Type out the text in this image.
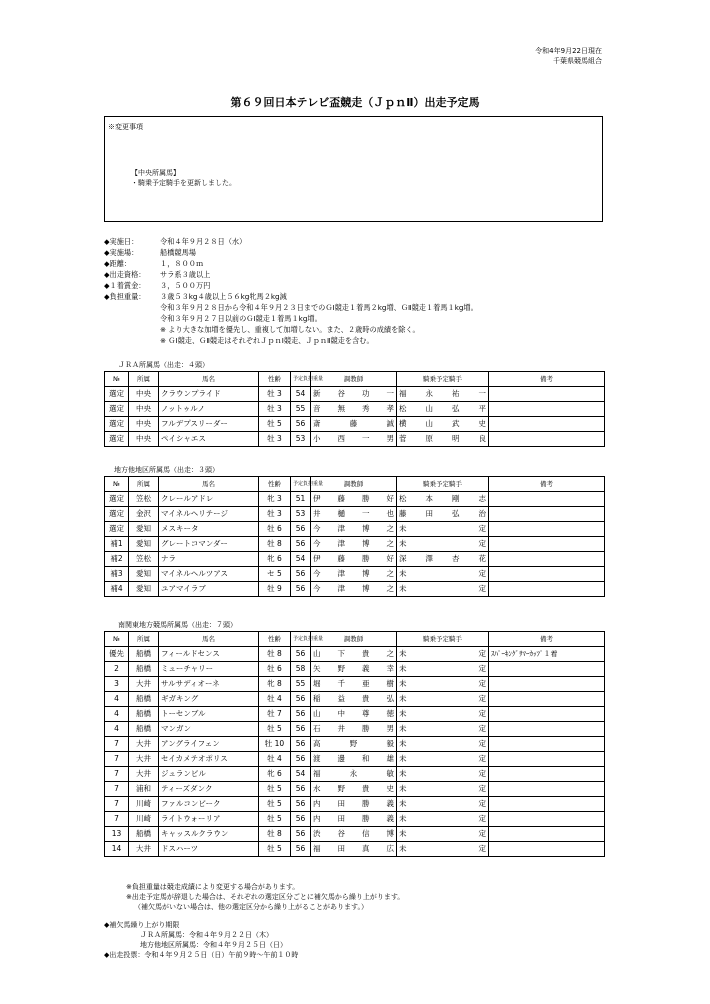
令和4年9月22日現在
千葉県競馬組合
第６９回日本テレビ盃競走（ＪｐｎⅡ）出走予定馬
※変更事項
【中央所属馬】
・騎乗予定騎手を更新しました。
◆実施日：	令和４年９月２８日（水）
◆実施場：	船橋競馬場
◆距離：	１，８００ｍ
◆出走資格： サラ系３歳以上
◆１着賞金： ３，５００万円
◆負担重量： ３歳５３kg４歳以上５６kg牝馬２kg減
令和３年９月２８日から令和４年９月２３日までのＧⅠ競走１着馬２kg増、ＧⅡ競走１着馬１kg増。
令和３年９月２７日以前のＧⅠ競走１着馬１kg増。
※ より大きな加増を優先し、重複して加増しない。また、２歳時の成績を除く。
※ ＧⅠ競走、ＧⅡ競走はそれぞれＪｐｎⅠ競走、ＪｐｎⅡ競走を含む。
ＪＲＡ所属馬（出走：４頭）
№	所属	馬名	性齢	予定負担重量	調教師	騎乗予定騎手	備考
選定	中央	クラウンプライド	牡 3	54	新 谷 功 一	福 永 祐 一	
選定	中央	ノットゥルノ	牡 3	55	音 無 秀 孝	松 山 弘 平	
選定	中央	フルデプスリーダー	牡 5	56	斎 藤 誠	横 山 武 史	
選定	中央	ペイシャエス	牡 3	53	小 西 一 男	菅 原 明 良	
地方他地区所属馬（出走：３頭）
№	所属	馬名	性齢	予定負担重量	調教師	騎乗予定騎手	備考
選定	笠松	クレールアドレ	牝 3	51	伊 藤 勝 好	松 本 剛 志	
選定	金沢	マイネルヘリテージ	牡 3	53	井 樋 一 也	藤 田 弘 治	
選定	愛知	メスキータ	牡 6	56	今 津 博 之	未 定	
補1	愛知	グレートコマンダー	牡 8	56	今 津 博 之	未 定	
補2	笠松	ナラ	牝 6	54	伊 藤 勝 好	深 澤 杏 花	
補3	愛知	マイネルヘルツアス	セ 5	56	今 津 博 之	未 定	
補4	愛知	ユアマイラブ	牡 9	56	今 津 博 之	未 定	
南関東地方競馬所属馬（出走：７頭）
№	所属	馬名	性齢	予定負担重量	調教師	騎乗予定騎手	備考
優先	船橋	フィールドセンス	牡 8	56	山 下 貴 之	未 定	ｽﾊﾟｰｷﾝｸﾞｻﾏｰｶｯﾌﾟ１着
2	船橋	ミューチャリー	牡 6	58	矢 野 義 幸	未 定	
3	大井	サルサディオーネ	牝 8	55	堀 千 亜 樹	未 定	
4	船橋	ギガキング	牡 4	56	稲 益 貴 弘	未 定	
4	船橋	トーセンブル	牡 7	56	山 中 尊 徳	未 定	
4	船橋	マンガン	牡 5	56	石 井 勝 男	未 定	
7	大井	アングライフェン	牡 10	56	高 野 毅	未 定	
7	大井	セイカメテオポリス	牡 4	56	渡 邊 和 雄	未 定	
7	大井	ジュランビル	牝 6	54	福 永 敏	未 定	
7	浦和	ティーズダンク	牡 5	56	水 野 貴 史	未 定	
7	川崎	ファルコンビーク	牡 5	56	内 田 勝 義	未 定	
7	川崎	ライトウォーリア	牡 5	56	内 田 勝 義	未 定	
13	船橋	キャッスルクラウン	牡 8	56	渋 谷 信 博	未 定	
14	大井	ドスハーツ	牡 5	56	福 田 真 広	未 定	
※負担重量は競走成績により変更する場合があります。
※出走予定馬が辞退した場合は、それぞれの選定区分ごとに補欠馬から繰り上がります。
（補欠馬がいない場合は、他の選定区分から繰り上がることがあります。）
◆補欠馬繰り上がり期限
ＪＲＡ所属馬：令和４年９月２２日（木）
地方他地区所属馬：令和４年９月２５日（日）
◆出走投票：令和４年９月２５日（日）午前９時～午前１０時
